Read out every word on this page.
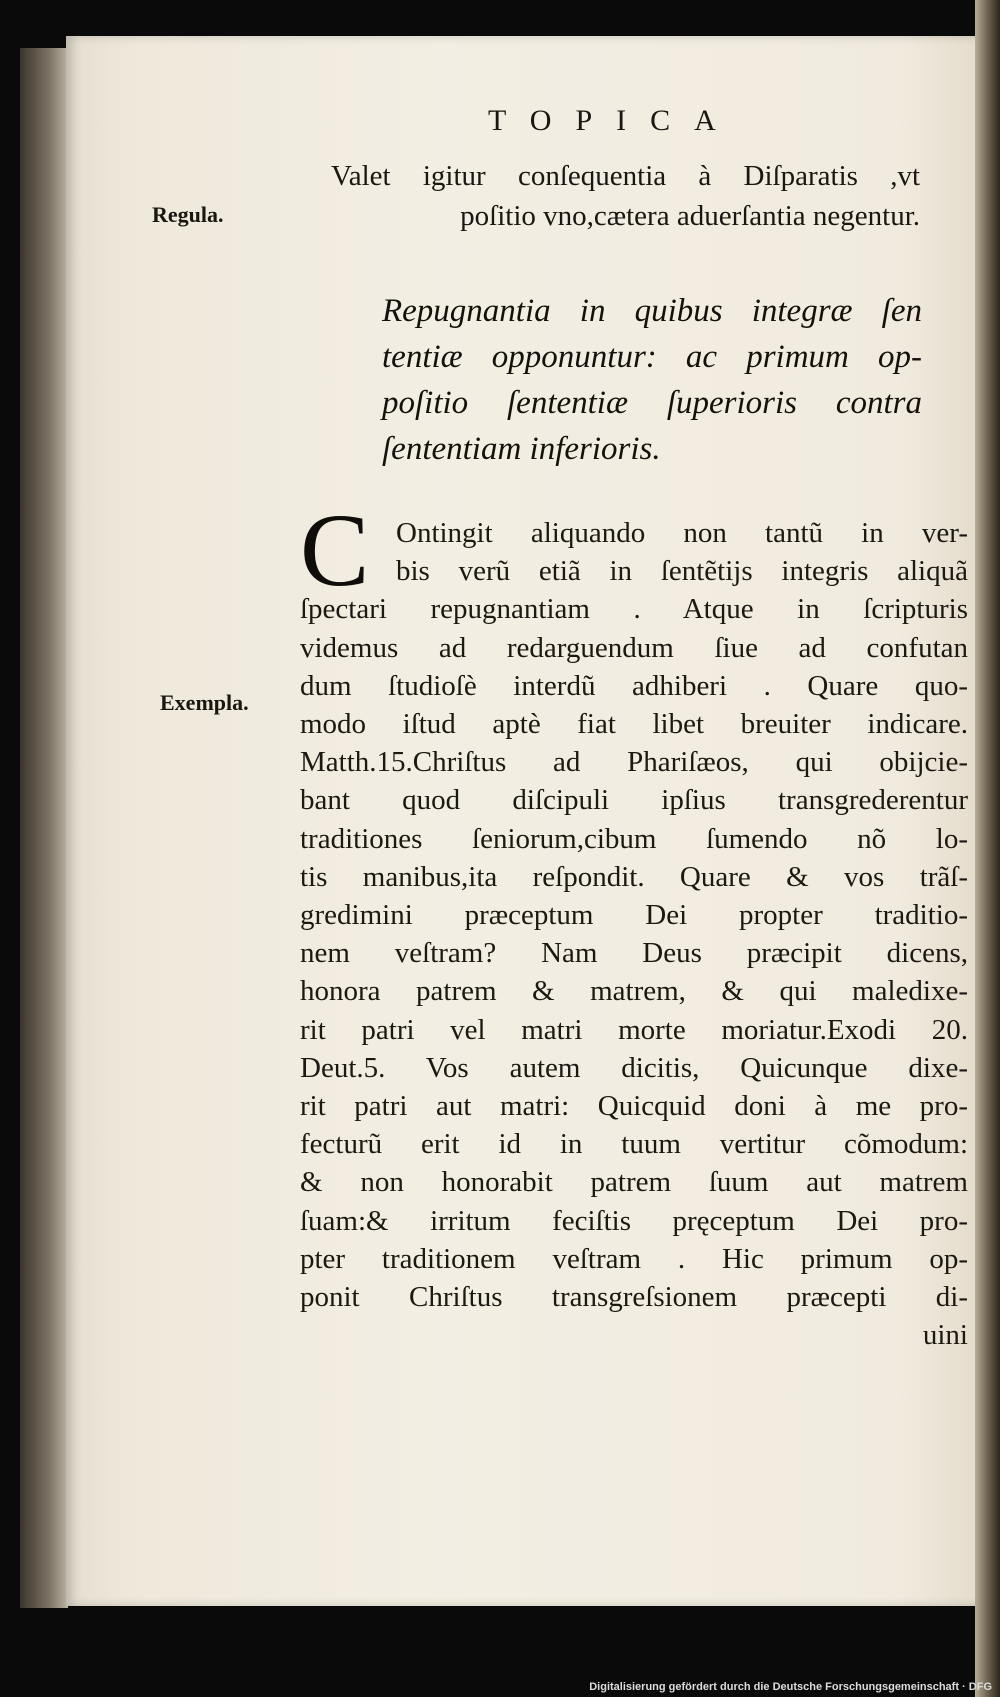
TOPICA
Regula.
Exempla.
Valet igitur conſequentia à Diſparatis ,vt
poſitio vno,cætera aduerſantia negentur.
Repugnantia in quibus integræ ſen
tentiæ opponuntur: ac primum op-
poſitio ſententiæ ſuperioris contra
ſententiam inferioris.
C Ontingit aliquando non tantũ in ver-
bis verũ etiã in ſentẽtijs integris aliquã
ſpectari repugnantiam . Atque in ſcripturis
videmus ad redarguendum ſiue ad confutan
dum ſtudioſè interdũ adhiberi . Quare quo-
modo iſtud aptè fiat libet breuiter indicare.
Matth.15.Chriſtus ad Phariſæos, qui obijcie-
bant quod diſcipuli ipſius transgrederentur
traditiones ſeniorum,cibum ſumendo nõ lo-
tis manibus,ita reſpondit. Quare & vos trãſ-
gredimini præceptum Dei propter traditio-
nem veſtram? Nam Deus præcipit dicens,
honora patrem & matrem, & qui maledixe-
rit patri vel matri morte moriatur.Exodi 20.
Deut.5. Vos autem dicitis, Quicunque dixe-
rit patri aut matri: Quicquid doni à me pro-
fecturũ erit id in tuum vertitur cõmodum:
& non honorabit patrem ſuum aut matrem
ſuam:& irritum feciſtis pręceptum Dei pro-
pter traditionem veſtram . Hic primum op-
ponit Chriſtus transgreſsionem præcepti di-
uini
Digitalisierung gefördert durch die Deutsche Forschungsgemeinschaft · DFG
